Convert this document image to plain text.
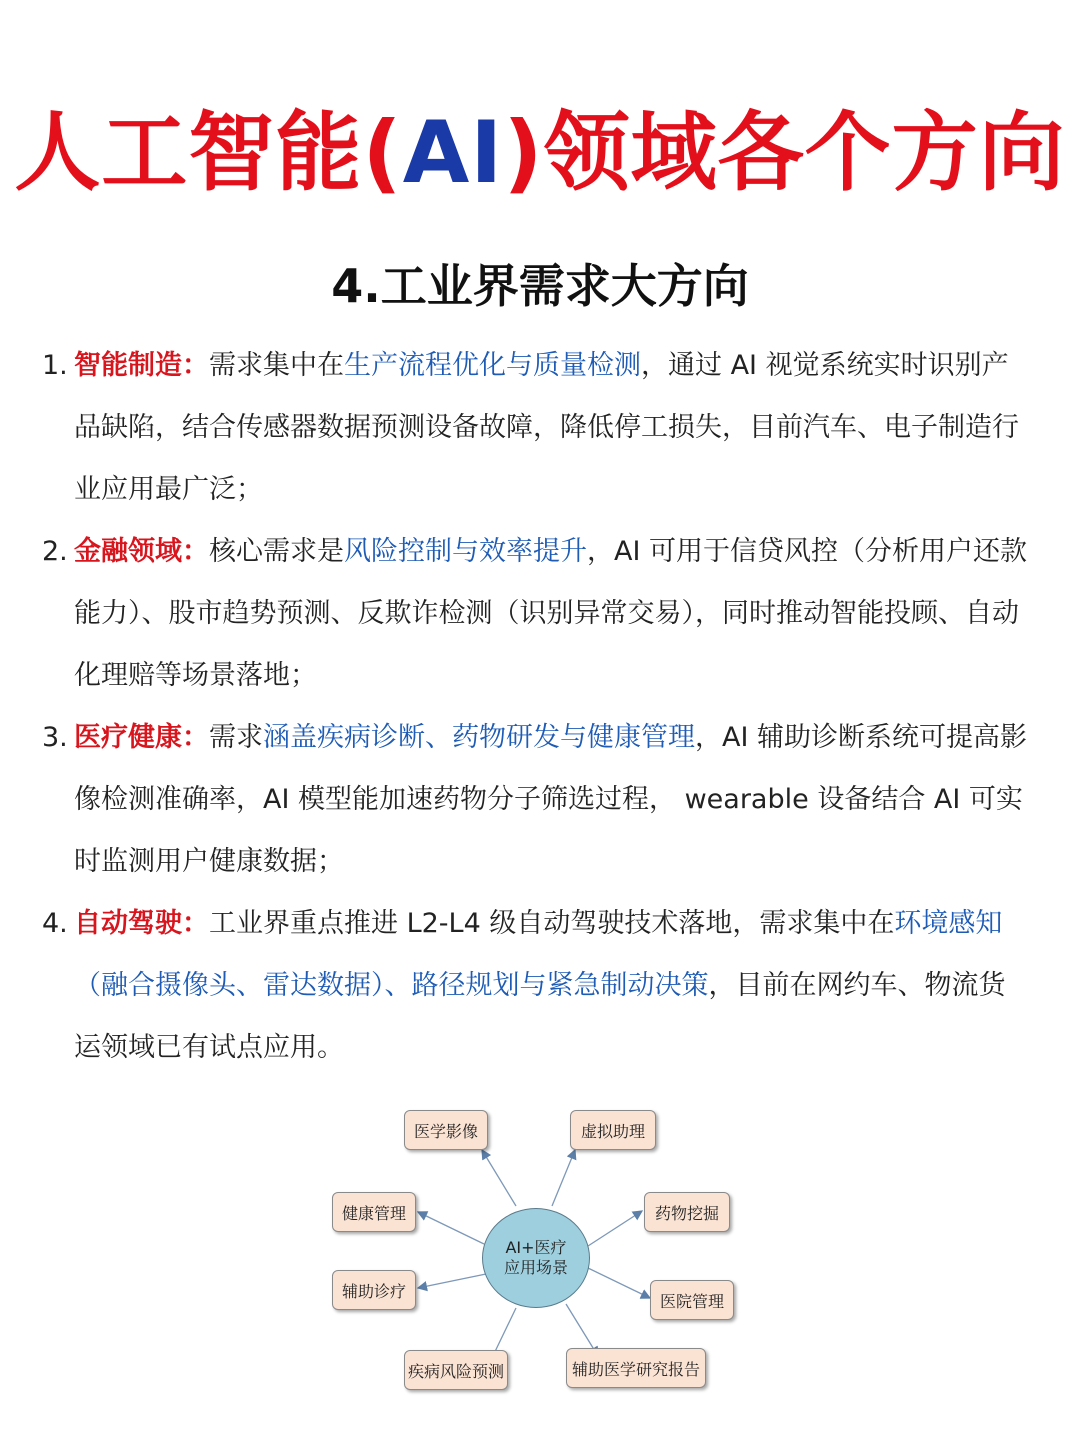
人工智能(AI)领域各个方向
4.工业界需求大方向
1. 智能制造：需求集中在生产流程优化与质量检测，通过 AI 视觉系统实时识别产品缺陷，结合传感器数据预测设备故障，降低停工损失，目前汽车、电子制造行业应用最广泛；
2. 金融领域：核心需求是风险控制与效率提升，AI 可用于信贷风控（分析用户还款能力）、股市趋势预测、反欺诈检测（识别异常交易），同时推动智能投顾、自动化理赔等场景落地；
3. 医疗健康：需求涵盖疾病诊断、药物研发与健康管理，AI 辅助诊断系统可提高影像检测准确率，AI 模型能加速药物分子筛选过程， wearable 设备结合 AI 可实时监测用户健康数据；
4. 自动驾驶：工业界重点推进 L2-L4 级自动驾驶技术落地，需求集中在环境感知（融合摄像头、雷达数据）、路径规划与紧急制动决策，目前在网约车、物流货运领域已有试点应用。
医学影像	虚拟助理
健康管理	药物挖掘
AI+医疗
应用场景
辅助诊疗
医院管理
疾病风险预测	辅助医学研究报告
